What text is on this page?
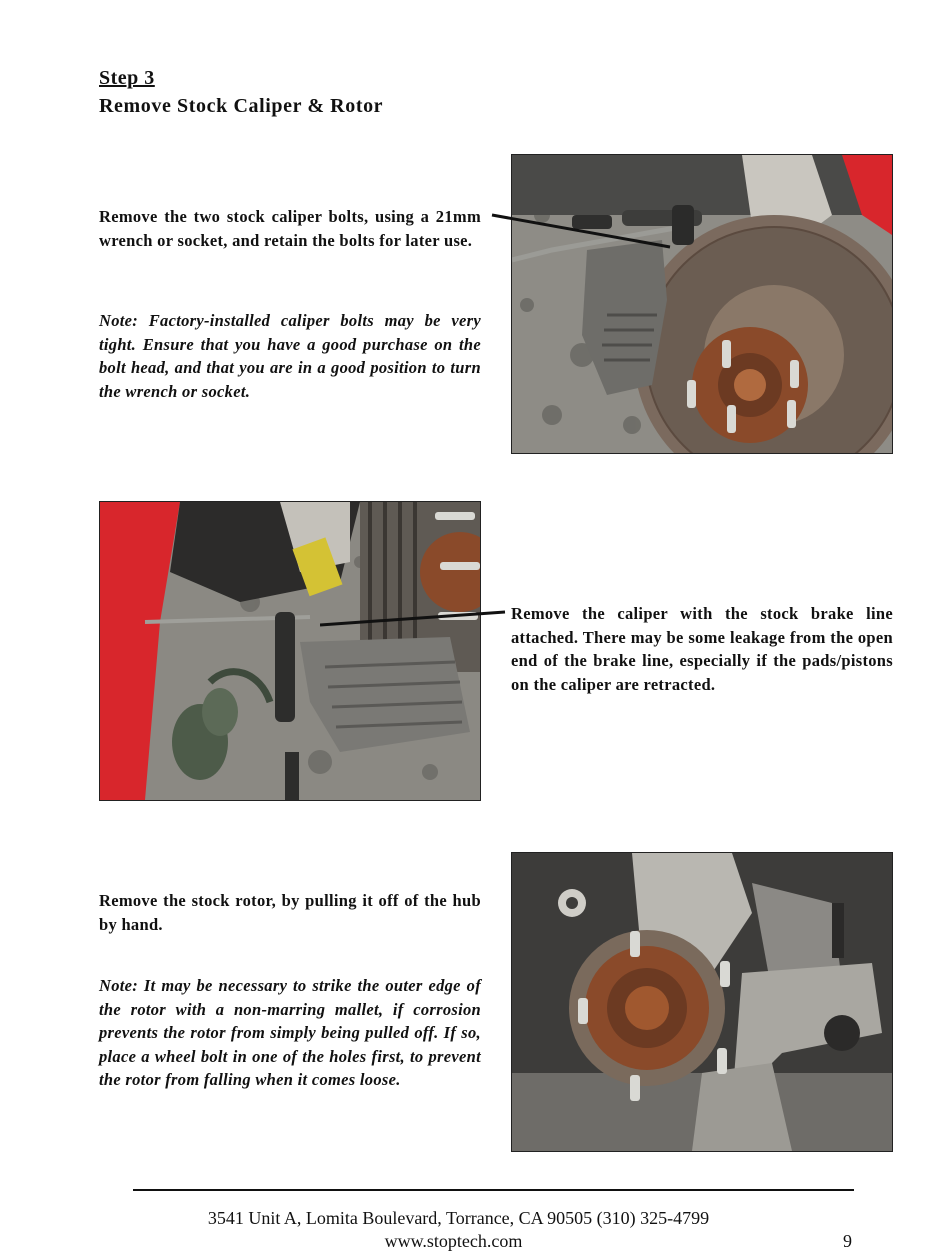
Step 3
Remove Stock Caliper & Rotor
Remove the two stock caliper bolts, using a 21mm wrench or socket, and retain the bolts for later use.
Note: Factory-installed caliper bolts may be very tight. Ensure that you have a good purchase on the bolt head, and that you are in a good position to turn the wrench or socket.
Remove the caliper with the stock brake line attached. There may be some leakage from the open end of the brake line, especially if the pads/pistons on the caliper are retracted.
Remove the stock rotor, by pulling it off of the hub by hand.
Note: It may be necessary to strike the outer edge of the rotor with a non-marring mallet, if corrosion prevents the rotor from simply being pulled off. If so, place a wheel bolt in one of the holes first, to prevent the rotor from falling when it comes loose.
3541 Unit A, Lomita Boulevard, Torrance, CA 90505 (310) 325-4799
www.stoptech.com	9
